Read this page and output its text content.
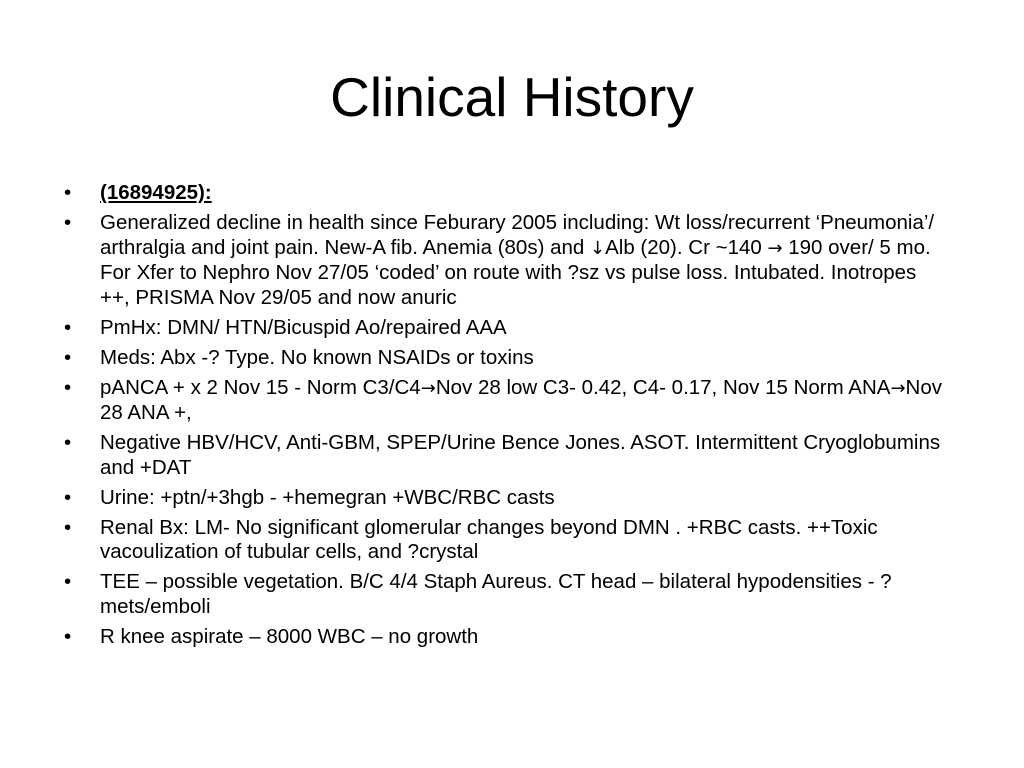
Clinical History
• (16894925):
• Generalized decline in health since Feburary 2005 including: Wt loss/recurrent ‘Pneumonia’/ arthralgia and joint pain. New-A fib. Anemia (80s) and ↓Alb (20). Cr ~140 → 190 over/ 5 mo. For Xfer to Nephro Nov 27/05 ‘coded’ on route with ?sz vs pulse loss. Intubated. Inotropes ++, PRISMA Nov 29/05 and now anuric
• PmHx: DMN/ HTN/Bicuspid Ao/repaired AAA
• Meds: Abx -? Type. No known NSAIDs or toxins
• pANCA + x 2 Nov 15 - Norm C3/C4→Nov 28 low C3- 0.42, C4- 0.17, Nov 15 Norm ANA→Nov 28 ANA +,
• Negative HBV/HCV, Anti-GBM, SPEP/Urine Bence Jones. ASOT. Intermittent Cryoglobumins and +DAT
• Urine: +ptn/+3hgb - +hemegran +WBC/RBC casts
• Renal Bx: LM- No significant glomerular changes beyond DMN . +RBC casts. ++Toxic vacoulization of tubular cells, and ?crystal
• TEE – possible vegetation. B/C 4/4 Staph Aureus. CT head – bilateral hypodensities - ?mets/emboli
• R knee aspirate – 8000 WBC – no growth
